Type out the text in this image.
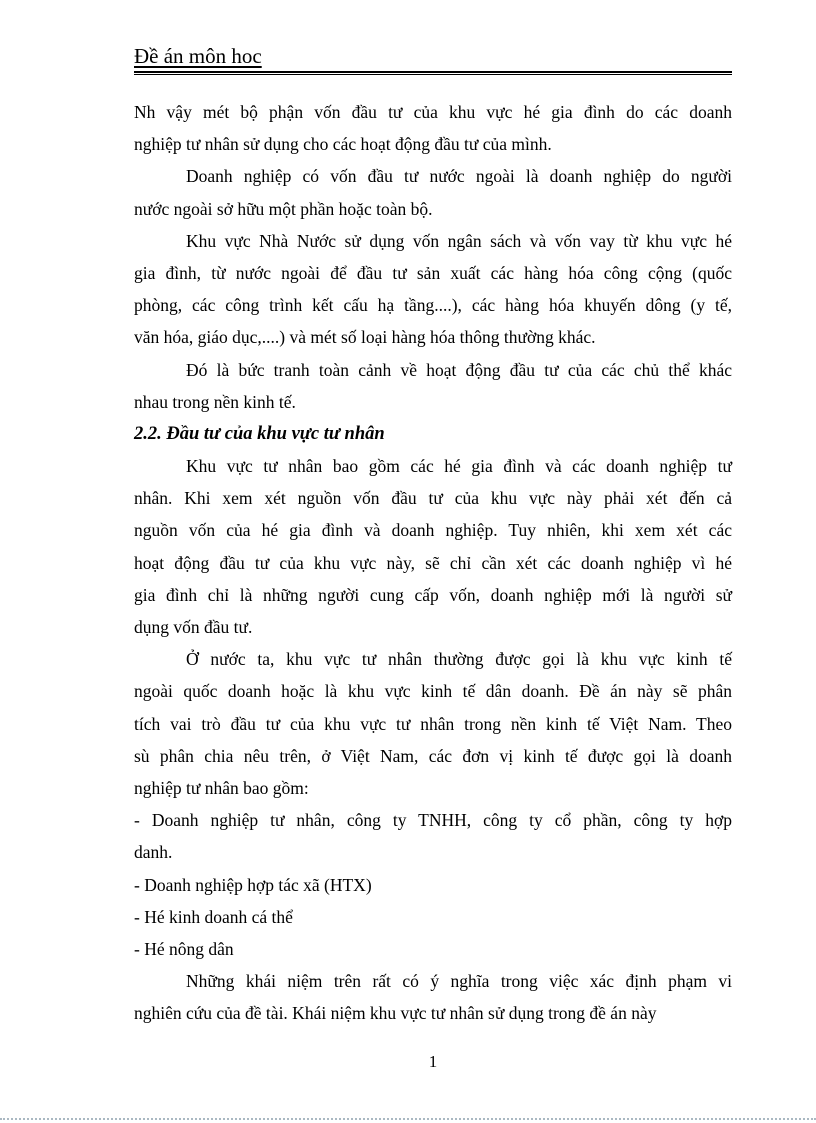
Đề án môn hoc
Nh vậy mét bộ phận vốn đầu tư của khu vực hé gia đình do các doanh
nghiệp tư nhân sử dụng cho các hoạt động đầu tư của mình.
Doanh nghiệp có vốn đầu tư nước ngoài là doanh nghiệp do người
nước ngoài sở hữu một phần hoặc toàn bộ.
Khu vực Nhà Nước sử dụng vốn ngân sách và vốn vay từ khu vực hé
gia đình, từ nước ngoài để đầu tư sản xuất các hàng hóa công cộng (quốc
phòng, các công trình kết cấu hạ tầng....), các hàng hóa khuyến dông (y tế,
văn hóa, giáo dục,....) và mét số loại hàng hóa thông thường khác.
Đó là bức tranh toàn cảnh về hoạt động đầu tư của các chủ thể khác
nhau trong nền kinh tế.
2.2. Đầu tư của khu vực tư nhân
Khu vực tư nhân bao gồm các hé gia đình và các doanh nghiệp tư
nhân. Khi xem xét nguồn vốn đầu tư của khu vực này phải xét đến cả
nguồn vốn của hé gia đình và doanh nghiệp. Tuy nhiên, khi xem xét các
hoạt động đầu tư của khu vực này, sẽ chỉ cần xét các doanh nghiệp vì hé
gia đình chỉ là những người cung cấp vốn, doanh nghiệp mới là người sử
dụng vốn đầu tư.
Ở nước ta, khu vực tư nhân thường được gọi là khu vực kinh tế
ngoài quốc doanh hoặc là khu vực kinh tế dân doanh. Đề án này sẽ phân
tích vai trò đầu tư của khu vực tư nhân trong nền kinh tế Việt Nam. Theo
sù phân chia nêu trên, ở Việt Nam, các đơn vị kinh tế được gọi là doanh
nghiệp tư nhân bao gồm:
- Doanh nghiệp tư nhân, công ty TNHH, công ty cổ phần, công ty hợp
danh.
- Doanh nghiệp hợp tác xã (HTX)
- Hé kinh doanh cá thể
- Hé nông dân
Những khái niệm trên rất có ý nghĩa trong việc xác định phạm vi
nghiên cứu của đề tài. Khái niệm khu vực tư nhân sử dụng trong đề án này
1
